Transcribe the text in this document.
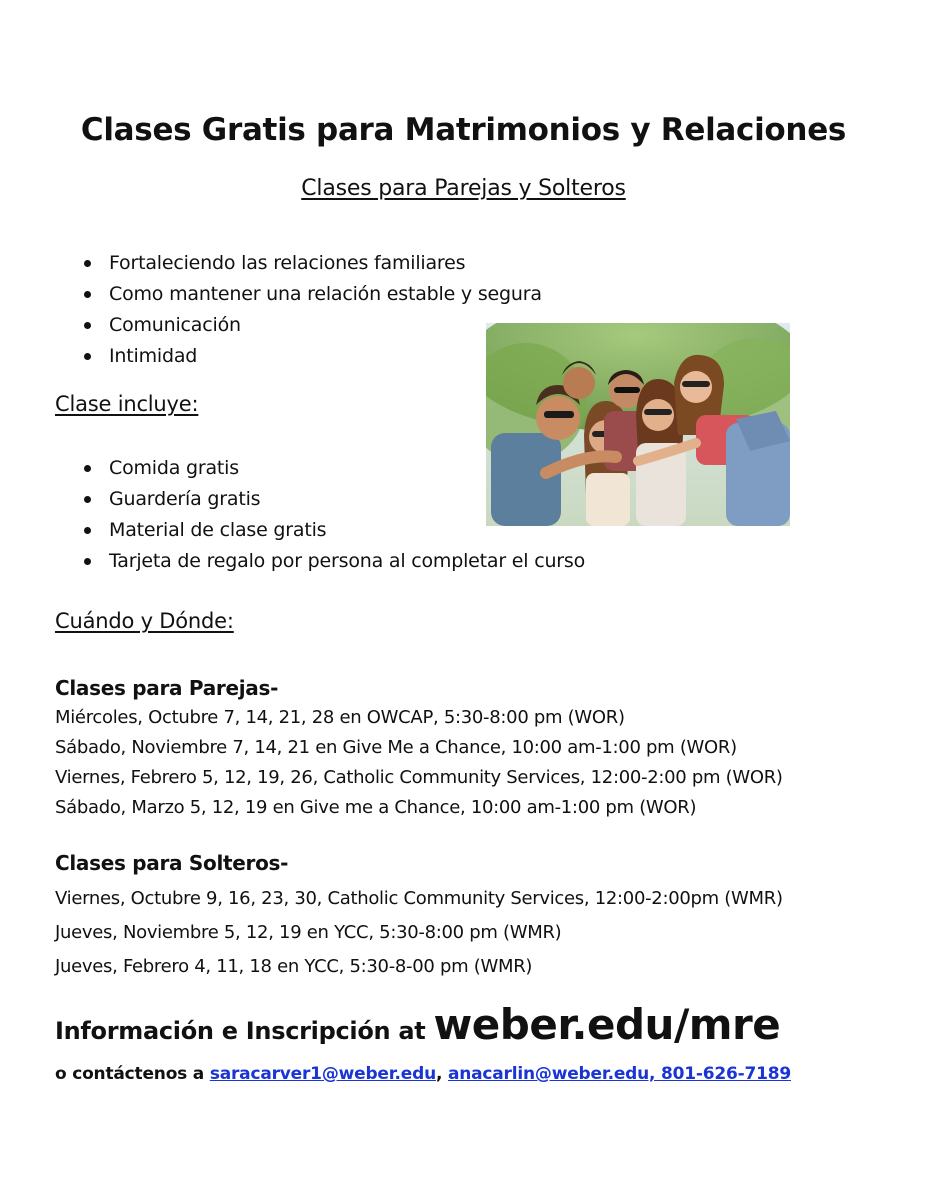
Clases Gratis para Matrimonios y Relaciones
Clases para Parejas y Solteros
Fortaleciendo las relaciones familiares
Como mantener una relación estable y segura
Comunicación
Intimidad
Clase incluye:
Comida gratis
Guardería gratis
Material de clase gratis
Tarjeta de regalo por persona al completar el curso
Cuándo y Dónde:
Clases para Parejas-
Miércoles, Octubre 7, 14, 21, 28 en OWCAP, 5:30-8:00 pm (WOR)
Sábado, Noviembre 7, 14, 21 en Give Me a Chance, 10:00 am-1:00 pm (WOR)
Viernes, Febrero 5, 12, 19, 26, Catholic Community Services, 12:00-2:00 pm (WOR)
Sábado, Marzo 5, 12, 19 en Give me a Chance, 10:00 am-1:00 pm (WOR)
Clases para Solteros-
Viernes, Octubre 9, 16, 23, 30, Catholic Community Services, 12:00-2:00pm (WMR)
Jueves, Noviembre 5, 12, 19 en YCC, 5:30-8:00 pm (WMR)
Jueves, Febrero 4, 11, 18 en YCC, 5:30-8-00 pm (WMR)
Información e Inscripción at weber.edu/mre
o contáctenos a saracarver1@weber.edu, anacarlin@weber.edu, 801-626-7189
